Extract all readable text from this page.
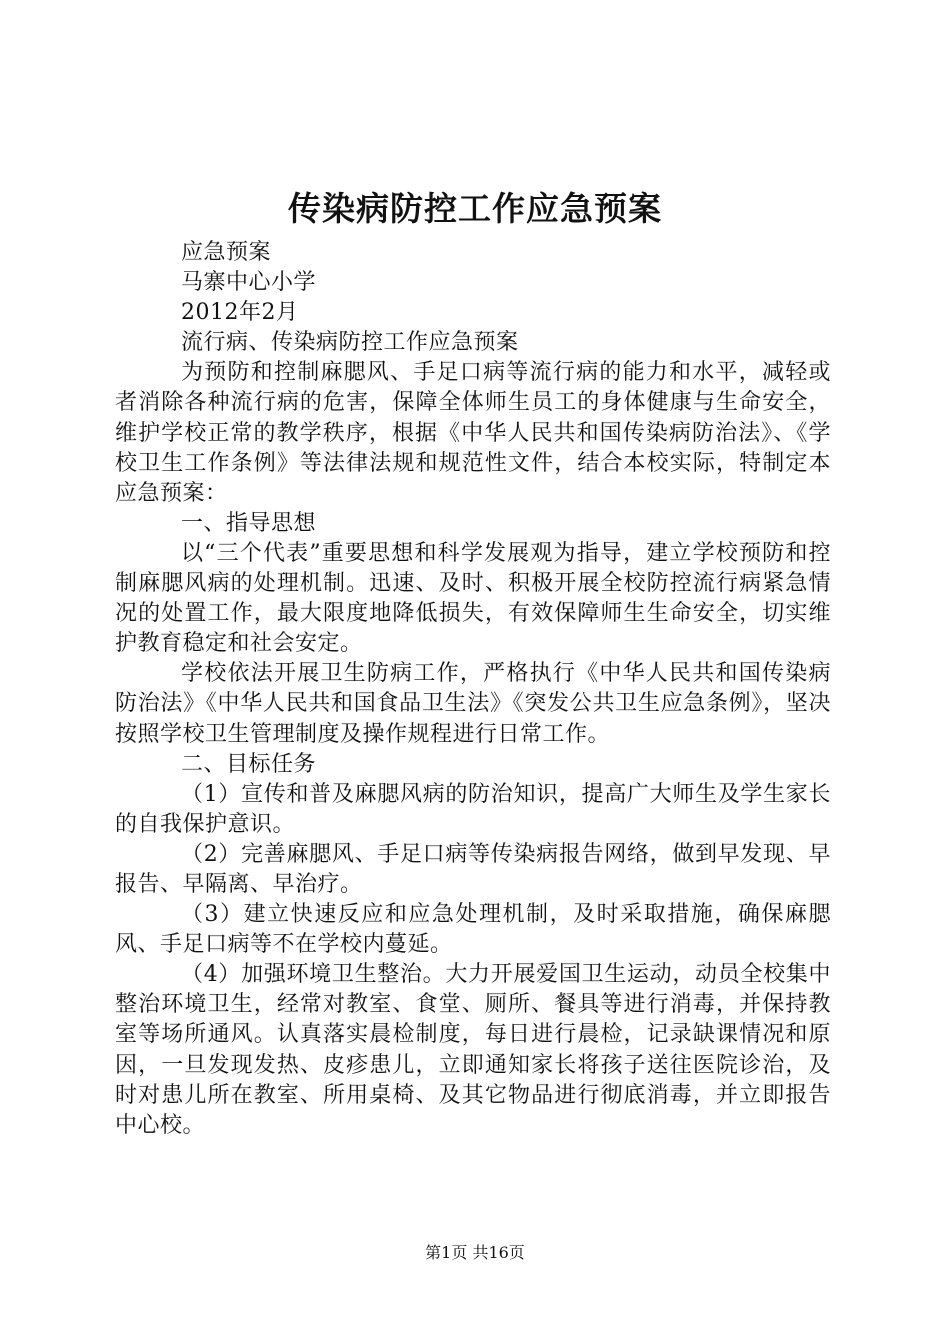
传染病防控工作应急预案

应急预案

马寨中心小学

2012年2月

流行病、传染病防控工作应急预案

为预防和控制麻腮风、手足口病等流行病的能力和水平，减轻或者消除各种流行病的危害，保障全体师生员工的身体健康与生命安全，维护学校正常的教学秩序，根据《中华人民共和国传染病防治法》、《学校卫生工作条例》等法律法规和规范性文件，结合本校实际，特制定本应急预案：

一、指导思想

以“三个代表”重要思想和科学发展观为指导，建立学校预防和控制麻腮风病的处理机制。迅速、及时、积极开展全校防控流行病紧急情况的处置工作，最大限度地降低损失，有效保障师生生命安全，切实维护教育稳定和社会安定。

学校依法开展卫生防病工作，严格执行《中华人民共和国传染病防治法》《中华人民共和国食品卫生法》《突发公共卫生应急条例》，坚决按照学校卫生管理制度及操作规程进行日常工作。

二、目标任务

（1）宣传和普及麻腮风病的防治知识，提高广大师生及学生家长的自我保护意识。

（2）完善麻腮风、手足口病等传染病报告网络，做到早发现、早报告、早隔离、早治疗。

（3）建立快速反应和应急处理机制，及时采取措施，确保麻腮风、手足口病等不在学校内蔓延。

（4）加强环境卫生整治。大力开展爱国卫生运动，动员全校集中整治环境卫生，经常对教室、食堂、厕所、餐具等进行消毒，并保持教室等场所通风。认真落实晨检制度，每日进行晨检，记录缺课情况和原因，一旦发现发热、皮疹患儿，立即通知家长将孩子送往医院诊治，及时对患儿所在教室、所用桌椅、及其它物品进行彻底消毒，并立即报告中心校。

第1页 共16页
